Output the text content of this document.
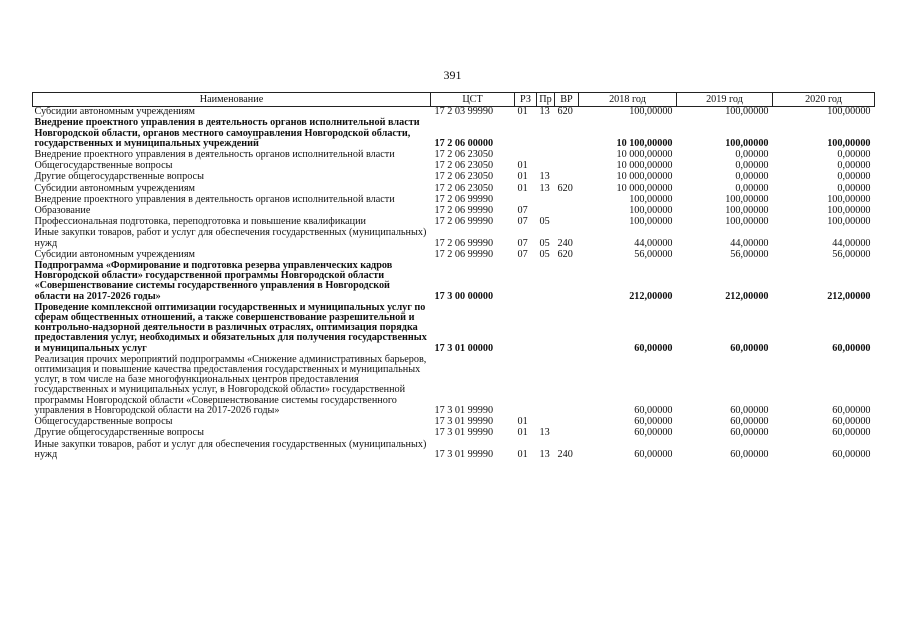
391
Наименование	ЦСТ	РЗ	Пр	ВР	2018 год	2019 год	2020 год
Субсидии автономным учреждениям	17 2 03 99990	01	13	620	100,00000	100,00000	100,00000
Внедрение проектного управления в деятельность органов исполнительной власти Новгородской области, органов местного самоуправления Новгородской области, государственных и муниципальных учреждений	17 2 06 00000				10 100,00000	100,00000	100,00000
Внедрение проектного управления в деятельность органов исполнительной власти	17 2 06 23050				10 000,00000	0,00000	0,00000
Общегосударственные вопросы	17 2 06 23050	01			10 000,00000	0,00000	0,00000
Другие общегосударственные вопросы	17 2 06 23050	01	13		10 000,00000	0,00000	0,00000
Субсидии автономным учреждениям	17 2 06 23050	01	13	620	10 000,00000	0,00000	0,00000
Внедрение проектного управления в деятельность органов исполнительной власти	17 2 06 99990				100,00000	100,00000	100,00000
Образование	17 2 06 99990	07			100,00000	100,00000	100,00000
Профессиональная подготовка, переподготовка и повышение квалификации	17 2 06 99990	07	05		100,00000	100,00000	100,00000
Иные закупки товаров, работ и услуг для обеспечения государственных (муниципальных) нужд	17 2 06 99990	07	05	240	44,00000	44,00000	44,00000
Субсидии автономным учреждениям	17 2 06 99990	07	05	620	56,00000	56,00000	56,00000
Подпрограмма «Формирование и подготовка резерва управленческих кадров Новгородской области» государственной программы Новгородской области «Совершенствование системы государственного управления в Новгородской области на 2017-2026 годы»	17 3 00 00000				212,00000	212,00000	212,00000
Проведение комплексной оптимизации государственных и муниципальных услуг по сферам общественных отношений, а также совершенствование разрешительной и контрольно-надзорной деятельности в различных отраслях, оптимизация порядка предоставления услуг, необходимых и обязательных для получения государственных и муниципальных услуг	17 3 01 00000				60,00000	60,00000	60,00000
Реализация прочих мероприятий подпрограммы «Снижение административных барьеров, оптимизация и повышение качества предоставления государственных и муниципальных услуг, в том числе на базе многофункциональных центров предоставления государственных и муниципальных услуг, в Новгородской области» государственной программы Новгородской области «Совершенствование системы государственного управления в Новгородской области на 2017-2026 годы»	17 3 01 99990				60,00000	60,00000	60,00000
Общегосударственные вопросы	17 3 01 99990	01			60,00000	60,00000	60,00000
Другие общегосударственные вопросы	17 3 01 99990	01	13		60,00000	60,00000	60,00000
Иные закупки товаров, работ и услуг для обеспечения государственных (муниципальных) нужд	17 3 01 99990	01	13	240	60,00000	60,00000	60,00000
